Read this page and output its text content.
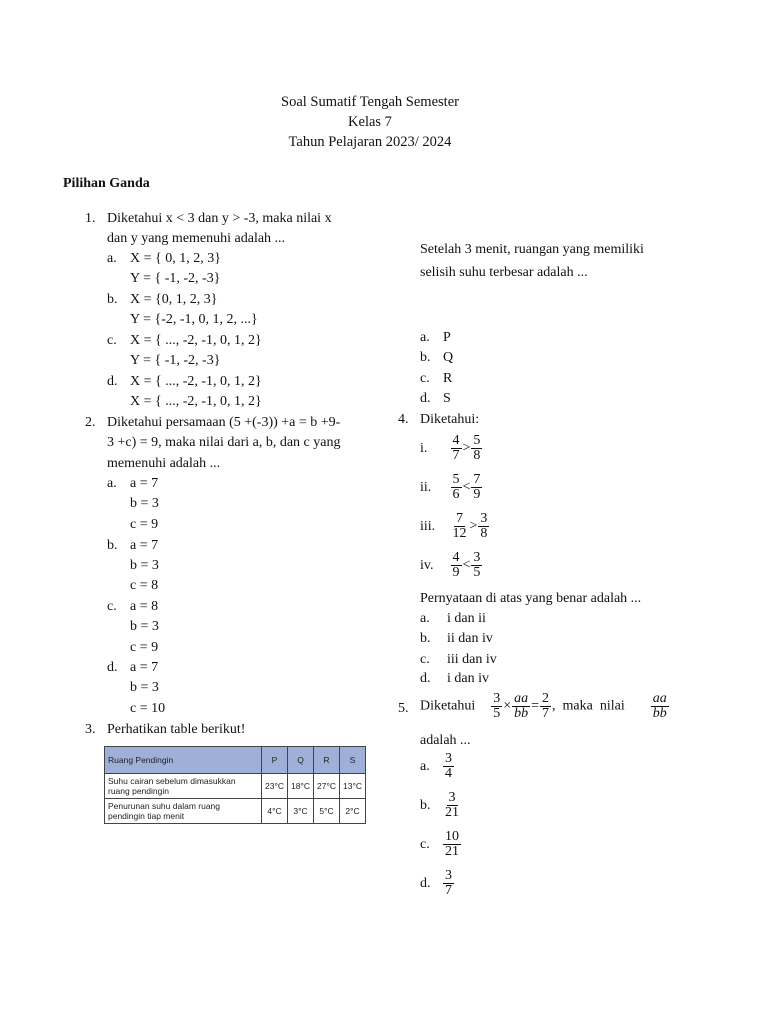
Soal Sumatif Tengah Semester
Kelas 7
Tahun Pelajaran 2023/ 2024
Pilihan Ganda
1. Diketahui x < 3 dan y > -3, maka nilai x
dan y yang memenuhi adalah ...
a. X = { 0, 1, 2, 3}
Y = { -1, -2, -3}
b. X = {0, 1, 2, 3}
Y = {-2, -1, 0, 1, 2, ...}
c. X = { ..., -2, -1, 0, 1, 2}
Y = { -1, -2, -3}
d. X = { ..., -2, -1, 0, 1, 2}
X = { ..., -2, -1, 0, 1, 2}
2. Diketahui persamaan (5 +(-3)) +a = b +9-
3 +c) = 9, maka nilai dari a, b, dan c yang
memenuhi adalah ...
a. a = 7
b = 3
c = 9
b. a = 7
b = 3
c = 8
c. a = 8
b = 3
c = 9
d. a = 7
b = 3
c = 10
3. Perhatikan table berikut!
Ruang Pendingin	P	Q	R	S
Suhu cairan sebelum dimasukkan ruang pendingin	23°C	18°C	27°C	13°C
Penurunan suhu dalam ruang pendingin tiap menit	4°C	3°C	5°C	2°C
Setelah 3 menit, ruangan yang memiliki
selisih suhu terbesar adalah ...
a. P
b. Q
c. R
d. S
4. Diketahui:
i. $\frac{4}{7} > \frac{5}{8}$
ii. $\frac{5}{6} < \frac{7}{9}$
iii. $\frac{7}{12} > \frac{3}{8}$
iv. $\frac{4}{9} < \frac{3}{5}$
Pernyataan di atas yang benar adalah ...
a. i dan ii
b. ii dan iv
c. iii dan iv
d. i dan iv
5. Diketahui $\frac{3}{5} \times \frac{aa}{bb} = \frac{2}{7}$ ,  maka  nilai $\frac{aa}{bb}$
adalah ...
a. $\frac{3}{4}$
b. $\frac{3}{21}$
c. $\frac{10}{21}$
d. $\frac{3}{7}$
